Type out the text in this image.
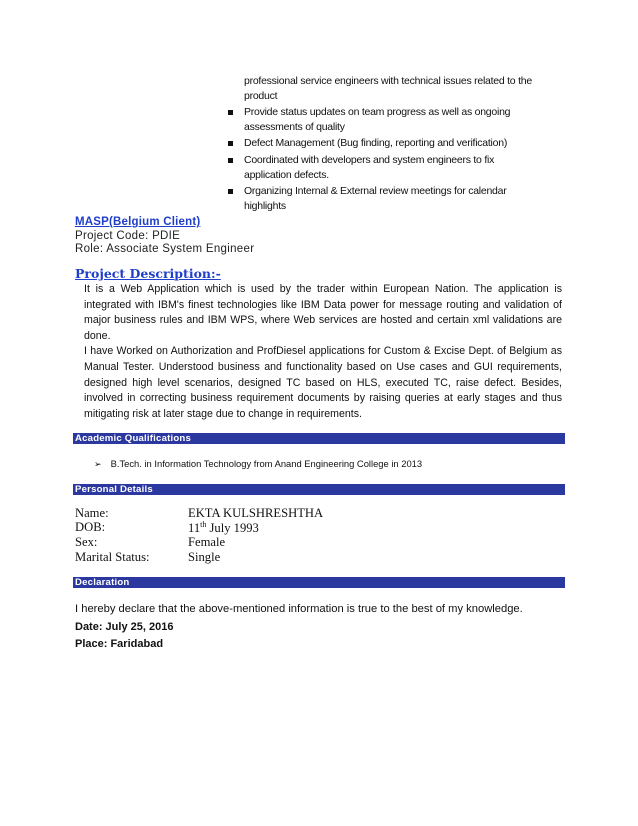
professional service engineers with technical issues related to the
product
Provide status updates on team progress as well as ongoing
assessments of quality
Defect Management (Bug finding, reporting and verification)
Coordinated with developers and system engineers to fix
application defects.
Organizing Internal & External review meetings for calendar
highlights
MASP(Belgium Client)
Project Code: PDIE
Role: Associate System Engineer
Project Description:-

It is a Web Application which is used by the trader within European Nation. The application is integrated with IBM's finest technologies like IBM Data power for message routing and validation of major business rules and IBM WPS, where Web services are hosted and certain xml validations are done.

I have Worked on Authorization and ProfDiesel applications for Custom & Excise Dept. of Belgium as Manual Tester. Understood business and functionality based on Use cases and GUI requirements, designed high level scenarios, designed TC based on HLS, executed TC, raise defect. Besides, involved in correcting business requirement documents by raising queries at early stages and thus mitigating risk at later stage due to change in requirements.

Academic Qualifications
➢ B.Tech. in Information Technology from Anand Engineering College in 2013
Personal Details
Name:	EKTA KULSHRESHTHA
DOB:	11th July 1993
Sex:	Female
Marital Status:	Single
Declaration
I hereby declare that the above-mentioned information is true to the best of my knowledge.
Date: July 25, 2016
Place: Faridabad
